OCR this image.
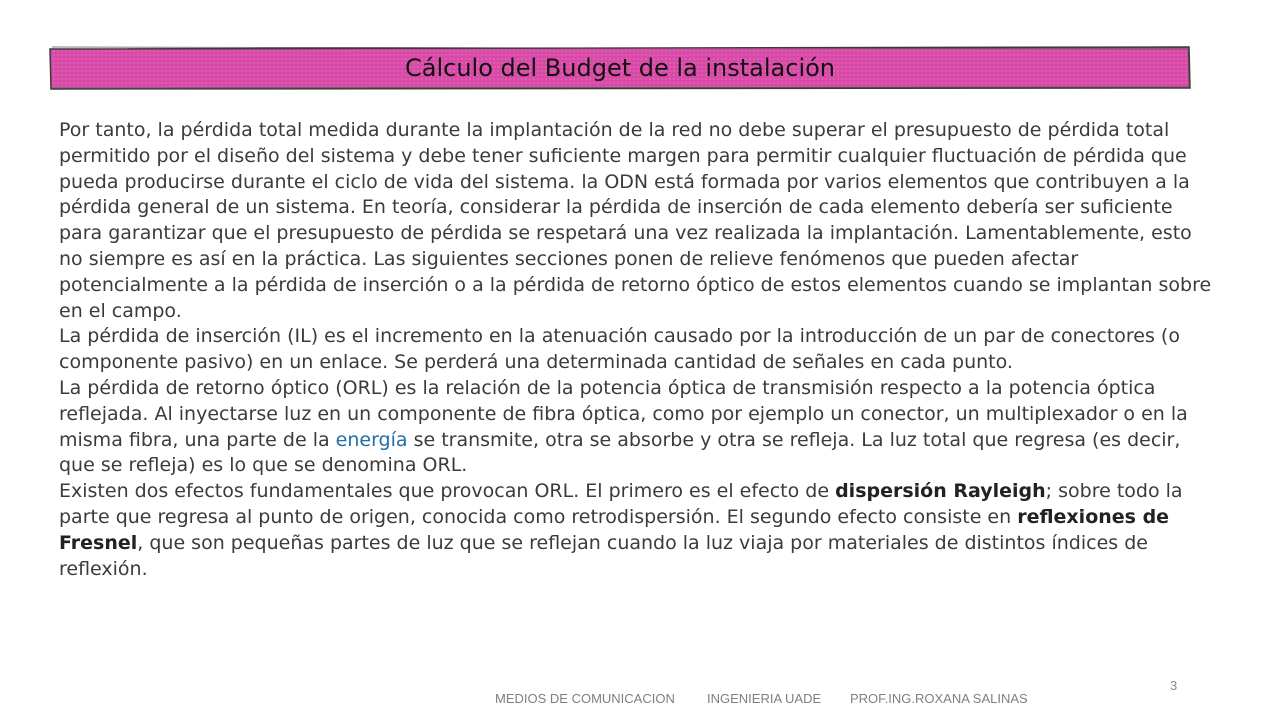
Cálculo del Budget de la instalación

Por tanto, la pérdida total medida durante la implantación de la red no debe superar el presupuesto de pérdida total permitido por el diseño del sistema y debe tener suficiente margen para permitir cualquier fluctuación de pérdida que pueda producirse durante el ciclo de vida del sistema. la ODN está formada por varios elementos que contribuyen a la pérdida general de un sistema. En teoría, considerar la pérdida de inserción de cada elemento debería ser suficiente para garantizar que el presupuesto de pérdida se respetará una vez realizada la implantación. Lamentablemente, esto no siempre es así en la práctica. Las siguientes secciones ponen de relieve fenómenos que pueden afectar potencialmente a la pérdida de inserción o a la pérdida de retorno óptico de estos elementos cuando se implantan sobre en el campo.

La pérdida de inserción (IL) es el incremento en la atenuación causado por la introducción de un par de conectores (o componente pasivo) en un enlace. Se perderá una determinada cantidad de señales en cada punto.

La pérdida de retorno óptico (ORL) es la relación de la potencia óptica de transmisión respecto a la potencia óptica reflejada. Al inyectarse luz en un componente de fibra óptica, como por ejemplo un conector, un multiplexador o en la misma fibra, una parte de la energía se transmite, otra se absorbe y otra se refleja. La luz total que regresa (es decir, que se refleja) es lo que se denomina ORL.

Existen dos efectos fundamentales que provocan ORL. El primero es el efecto de dispersión Rayleigh; sobre todo la parte que regresa al punto de origen, conocida como retrodispersión. El segundo efecto consiste en reflexiones de Fresnel, que son pequeñas partes de luz que se reflejan cuando la luz viaja por materiales de distintos índices de reflexión.

3
MEDIOS DE COMUNICACION INGENIERIA UADE PROF.ING.ROXANA SALINAS
